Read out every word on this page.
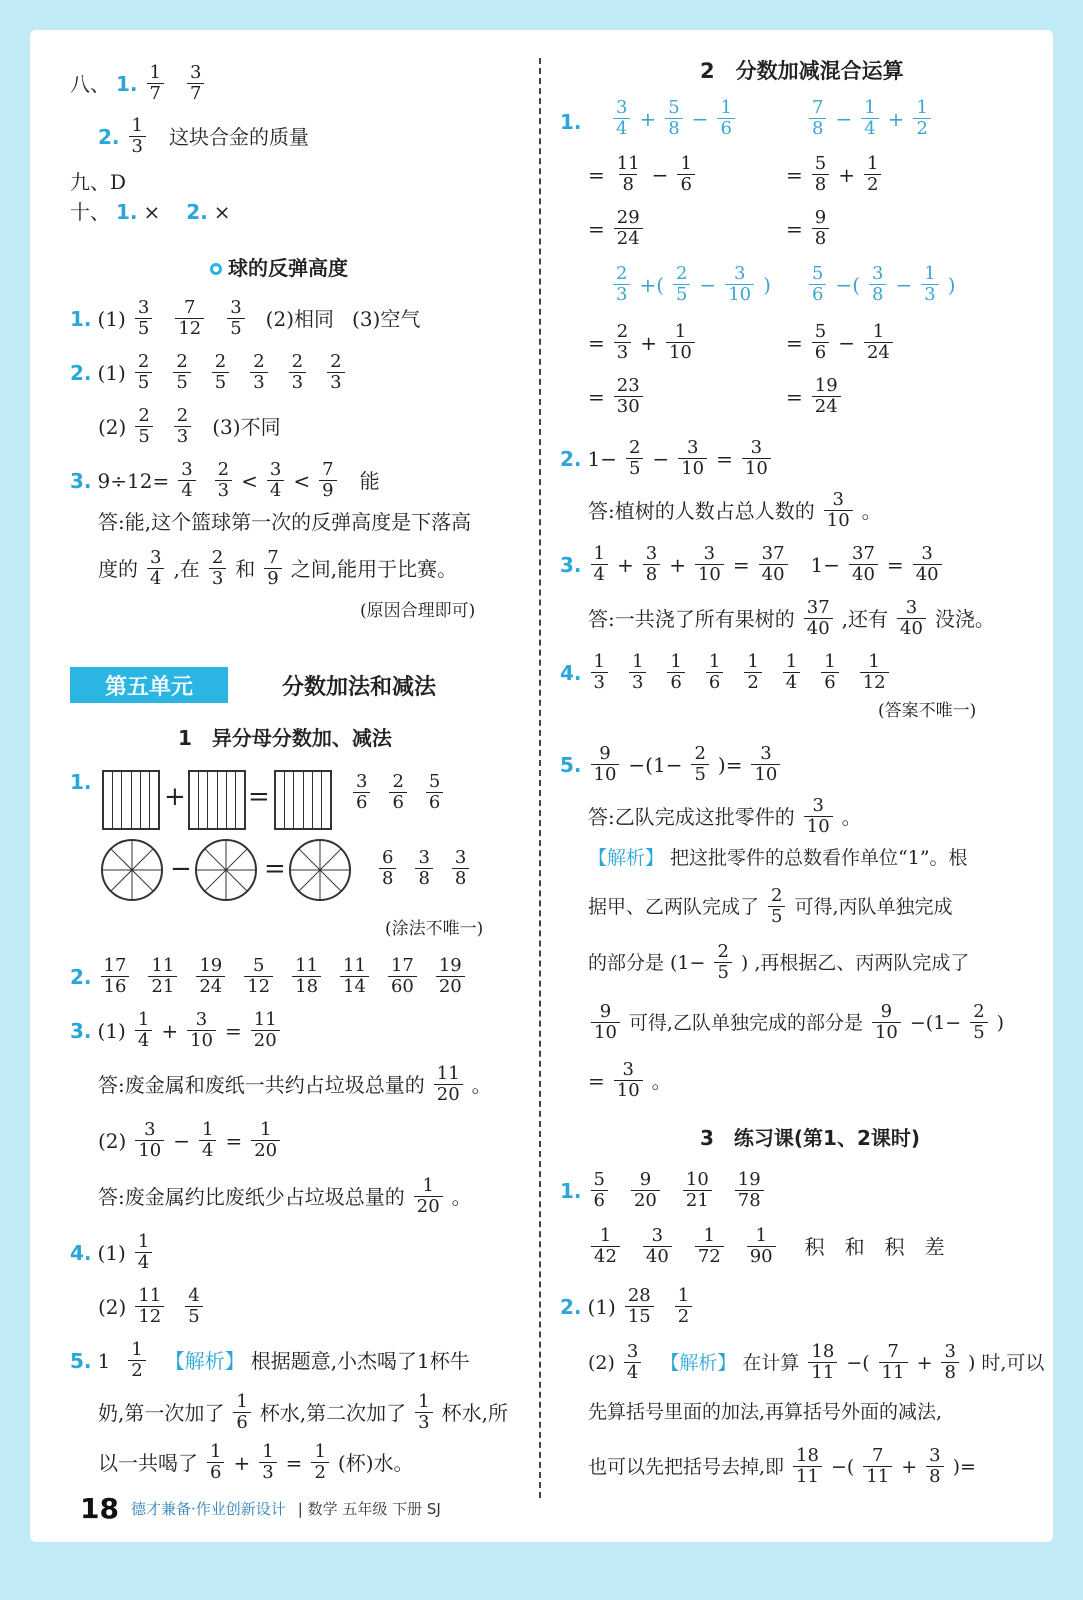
八、 1. $\frac{1}{7} \frac{3}{7}$
2. $\frac{1}{3}$ 这块合金的质量
九、D
十、 1. × 2. ×
球的反弹高度
1. $(1) \frac{3}{5} \frac{7}{12} \frac{3}{5} (2)$相同 (3)空气
2. $(1) \frac{2}{5} \frac{2}{5} \frac{2}{5} \frac{2}{3} \frac{2}{3} \frac{2}{3}$
$(2) \frac{2}{5} \frac{2}{3} (3)$不同
3. $9\div 12= \frac{3}{4} \frac{2}{3} < \frac{3}{4} < \frac{7}{9}$ 能
答:能,这个篮球第一次的反弹高度是下落高
度的 $\frac{3}{4}$ ,在 $\frac{2}{3}$ 和 $\frac{7}{9}$ 之间,能用于比赛。
(原因合理即可)
分数加法和减法
1　 异分母分数加、减法
1.	+ =	$\frac{3}{6} \frac{2}{6} \frac{5}{6}$
−	=	$\frac{6}{8} \frac{3}{8} \frac{3}{8}$
(涂法不唯一)
2. $\frac{17}{16} \frac{11}{21} \frac{19}{24} \frac{5}{12} \frac{11}{18} \frac{11}{14} \frac{17}{60} \frac{19}{20}$
3. $(1) \frac{1}{4} + \frac{3}{10} = \frac{11}{20}$
答:废金属和废纸一共约占垃圾总量的 $\frac{11}{20}$ 。
$(2) \frac{3}{10} - \frac{1}{4} = \frac{1}{20}$
答:废金属约比废纸少占垃圾总量的 $\frac{1}{20}$ 。
4. $(1) \frac{1}{4}$
$(2) \frac{11}{12} \frac{4}{5}$
5. $1 \frac{1}{2}$ 【解析】 根据题意,小杰喝了1杯牛
奶,第一次加了 $\frac{1}{6}$ 杯水,第二次加了 $\frac{1}{3}$ 杯水,所
以一共喝了 $\frac{1}{6} + \frac{1}{3} = \frac{1}{2}$ (杯)水。
第五单元
2　 分数加减混合运算
1. $\frac{3}{4} + \frac{5}{8} - \frac{1}{6}$	$\frac{7}{8} - \frac{1}{4} + \frac{1}{2}$
= $\frac{11}{8} - \frac{1}{6}$	= $\frac{5}{8} + \frac{1}{2}$
= $\frac{29}{24}$	= $\frac{9}{8}$
$\frac{2}{3}$ +( $\frac{2}{5} - \frac{3}{10}$ ) $\frac{5}{6}$ −( $\frac{3}{8} - \frac{1}{3}$ )
= $\frac{2}{3} + \frac{1}{10}$	= $\frac{5}{6} - \frac{1}{24}$
= $\frac{23}{30}$	= $\frac{19}{24}$
2. $1- \frac{2}{5} - \frac{3}{10} = \frac{3}{10}$
答:植树的人数占总人数的 $\frac{3}{10}$ 。
3. $\frac{1}{4} + \frac{3}{8} + \frac{3}{10} = \frac{37}{40} 1- \frac{37}{40} = \frac{3}{40}$
答:一共浇了所有果树的 $\frac{37}{40}$ ,还有 $\frac{3}{40}$ 没浇。
4. $\frac{1}{3} \frac{1}{3} \frac{1}{6} \frac{1}{6} \frac{1}{2} \frac{1}{4} \frac{1}{6} \frac{1}{12}$
(答案不唯一)
5. $\frac{9}{10} -(1- \frac{2}{5}$ )= $\frac{3}{10}$
答:乙队完成这批零件的 $\frac{3}{10}$ 。
【解析】 把这批零件的总数看作单位“1”。根
据甲、乙两队完成了 $\frac{2}{5}$ 可得,丙队单独完成
的部分是 ($1- \frac{2}{5}$ ) ,再根据乙、丙两队完成了
$\frac{9}{10}$ 可得,乙队单独完成的部分是 $\frac{9}{10} -(1- \frac{2}{5}$ )
= $\frac{3}{10}$ 。
3　 练习课(第1、2课时)
1. $\frac{5}{6} \frac{9}{20} \frac{10}{21} \frac{19}{78}$
$\frac{1}{42} \frac{3}{40} \frac{1}{72} \frac{1}{90}$ 积　和　积　差
2. $(1) \frac{28}{15} \frac{1}{2}$
$(2) \frac{3}{4}$ 【解析】 在计算 $\frac{18}{11}$ −( $\frac{7}{11} + \frac{3}{8}$ ) 时,可以
先算括号里面的加法,再算括号外面的减法,
也可以先把括号去掉,即 $\frac{18}{11}$ −( $\frac{7}{11} + \frac{3}{8}$ )=
18 德才兼备·作业创新设计 | 数学 五年级 下册 SJ
